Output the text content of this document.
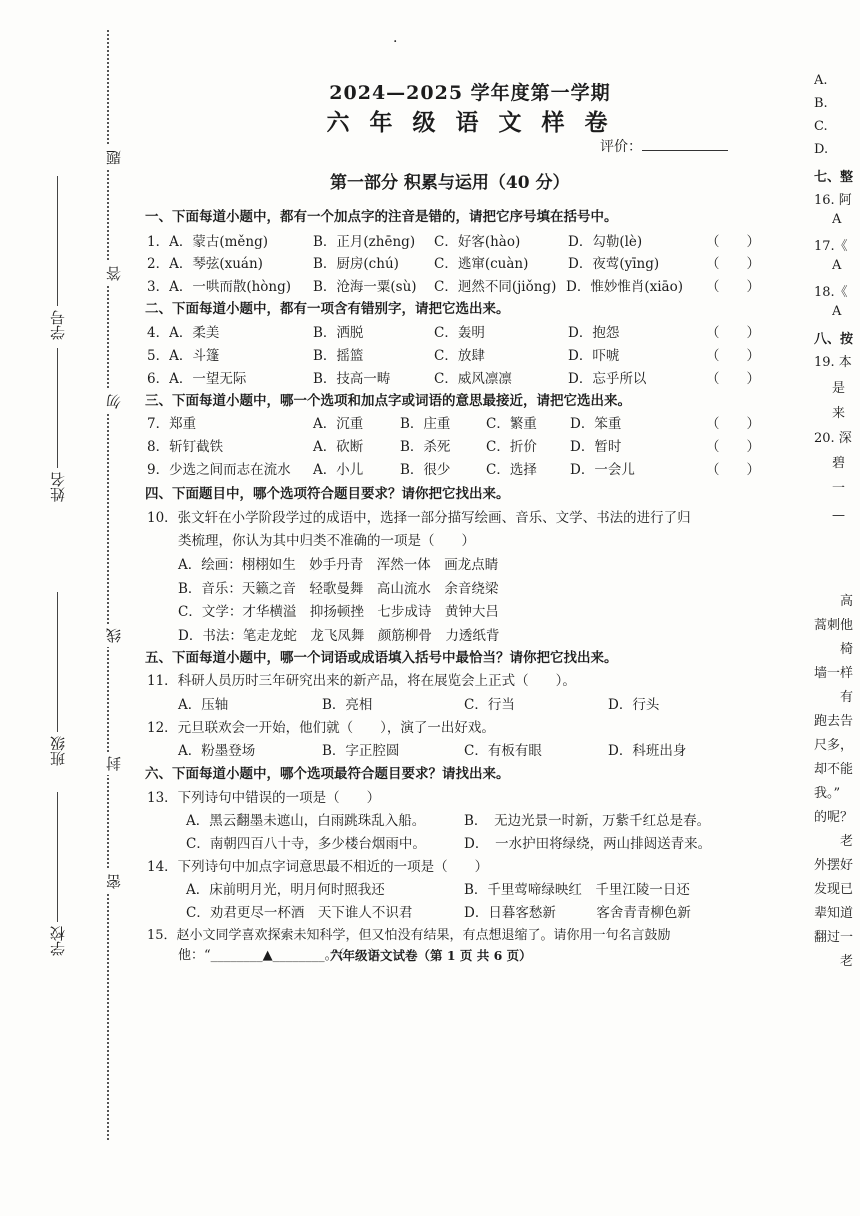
·
学号
姓名
班级
学校
题
答
勿
线
封
密
2024—2025 学年度第一学期
六 年 级 语 文 样 卷
评价：
第一部分 积累与运用（40 分）
一、下面每道小题中，都有一个加点字的注音是错的，请把它序号填在括号中。
1．A．蒙古(měng)	B．正月(zhēng) C．好客(hào)	D．勾勒(lè)	（　　）
2．A．琴弦(xuán)	B．厨房(chú)	C．逃窜(cuàn)	D．夜莺(yīng)	（　　）
3．A．一哄而散(hòng) B．沧海一粟(sù) C．迥然不同(jiǒng) D．惟妙惟肖(xiāo) （　　）
二、下面每道小题中，都有一项含有错别字，请把它选出来。
4．A．柔美	B．洒脱	C．轰明	D．抱怨	（　　）
5．A．斗篷	B．摇篮	C．放肆	D．吓唬	（　　）
6．A．一望无际	B．技高一畴	C．威风凛凛	D．忘乎所以	（　　）
三、下面每道小题中，哪一个选项和加点字或词语的意思最接近，请把它选出来。
7．郑重	A．沉重	B．庄重	C．繁重 D．笨重	（　　）
8．斩钉截铁	A．砍断	B．杀死	C．折价 D．暂时	（　　）
9．少选之间而志在流水 A．小儿	B．很少	C．选择 D．一会儿	（　　）
四、下面题目中，哪个选项符合题目要求？请你把它找出来。
10．张文轩在小学阶段学过的成语中，选择一部分描写绘画、音乐、文学、书法的进行了归
类梳理，你认为其中归类不准确的一项是（　　）
A．绘画：栩栩如生　妙手丹青　浑然一体　画龙点睛
B．音乐：天籁之音　轻歌曼舞　高山流水　余音绕梁
C．文学：才华横溢　抑扬顿挫　七步成诗　黄钟大吕
D．书法：笔走龙蛇　龙飞凤舞　颜筋柳骨　力透纸背
五、下面每道小题中，哪一个词语或成语填入括号中最恰当？请你把它找出来。
11．科研人员历时三年研究出来的新产品，将在展览会上正式（　　）。
A．压轴	B．亮相	C．行当	D．行头
12．元旦联欢会一开始，他们就（　　），演了一出好戏。
A．粉墨登场	B．字正腔圆	C．有板有眼	D．科班出身
六、下面每道小题中，哪个选项最符合题目要求？请找出来。
13．下列诗句中错误的一项是（　　）
A．黑云翻墨未遮山，白雨跳珠乱入船。	B．　无边光景一时新，万紫千红总是春。
C．南朝四百八十寺，多少楼台烟雨中。	D．　一水护田将绿绕，两山排闼送青来。
14．下列诗句中加点字词意思最不相近的一项是（　　）
A．床前明月光，明月何时照我还	B．千里莺啼绿映红　千里江陵一日还
C．劝君更尽一杯酒　天下谁人不识君	D．日暮客愁新　　　客舍青青柳色新
15．赵小文同学喜欢探索未知科学，但又怕没有结果，有点想退缩了。请你用一句名言鼓励
六年级语文试卷（第 1 页 共 6 页）
A.
B.
C.
D.
七、整
16. 阿
A
17.《
A
18.《
A
八、按
19. 本
是
来
20. 深
碧
一
—
高
蒿刺他
椅
墙一样
有
跑去告
尺多，
却不能
我。”
的呢？
老
外摆好
发现已
辈知道
翻过一
老
他：“________▲________。”（　　）
